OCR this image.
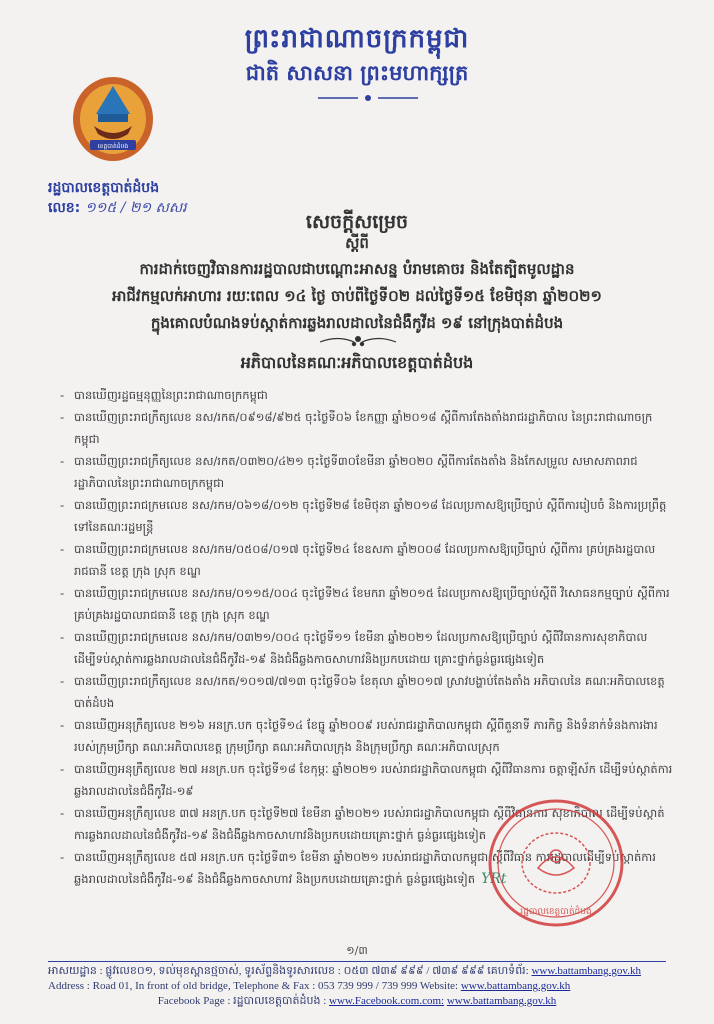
ព្រះរាជាណាចក្រកម្ពុជា
ជាតិ សាសនា ព្រះមហាក្សត្រ
ខេត្តបាត់ដំបង
រដ្ឋបាលខេត្តបាត់ដំបង
លេខ: ១១៥ / ២១ សសរ
សេចក្តីសម្រេច
ស្តីពី
ការដាក់ចេញវិធានការរដ្ឋបាលជាបណ្តោះអាសន្ន បំរាមគោចរ និងតែត្បិតមូលដ្ឋាន
អាជីវកម្មលក់អាហារ រយៈពេល ១៤ ថ្ងៃ ចាប់ពីថ្ងៃទី០២ ដល់ថ្ងៃទី១៥ ខែមិថុនា ឆ្នាំ២០២១
ក្នុងគោលបំណងទប់ស្កាត់ការឆ្លងរាលដាលនៃជំងឺកូវីដ ១៩ នៅក្រុងបាត់ដំបង
អភិបាលនៃគណៈអភិបាលខេត្តបាត់ដំបង
- បានឃើញរដ្ឋធម្មនុញ្ញនៃព្រះរាជាណាចក្រកម្ពុជា
- បានឃើញព្រះរាជក្រឹត្យលេខ នស/រកត/០៩១៨/៩២៥ ចុះថ្ងៃទី០៦ ខែកញ្ញា ឆ្នាំ២០១៨ ស្តីពីការតែងតាំងរាជរដ្ឋាភិបាល នៃព្រះរាជាណាចក្រកម្ពុជា
- បានឃើញព្រះរាជក្រឹត្យលេខ នស/រកត/០៣២០/៤២១ ចុះថ្ងៃទី៣០ខែមីនា ឆ្នាំ២០២០ ស្តីពីការតែងតាំង និងកែសម្រួល សមាសភាពរាជរដ្ឋាភិបាលនៃព្រះរាជាណាចក្រកម្ពុជា
- បានឃើញព្រះរាជក្រមលេខ នស/រកម/០៦១៨/០១២ ចុះថ្ងៃទី២៨ ខែមិថុនា ឆ្នាំ២០១៨ ដែលប្រកាសឱ្យប្រើច្បាប់ ស្តីពីការរៀបចំ និងការប្រព្រឹត្តទៅនៃគណៈរដ្ឋមន្ត្រី
- បានឃើញព្រះរាជក្រមលេខ នស/រកម/០៥០៨/០១៧ ចុះថ្ងៃទី២៤ ខែឧសភា ឆ្នាំ២០០៨ ដែលប្រកាសឱ្យប្រើច្បាប់ ស្តីពីការ គ្រប់គ្រងរដ្ឋបាលរាជធានី ខេត្ត ក្រុង ស្រុក ខណ្ឌ
- បានឃើញព្រះរាជក្រមលេខ នស/រកម/០១១៥/០០៤ ចុះថ្ងៃទី២៤ ខែមករា ឆ្នាំ២០១៥ ដែលប្រកាសឱ្យប្រើច្បាប់ស្តីពី វិសោធនកម្មច្បាប់ ស្តីពីការគ្រប់គ្រងរដ្ឋបាលរាជធានី ខេត្ត ក្រុង ស្រុក ខណ្ឌ
- បានឃើញព្រះរាជក្រមលេខ នស/រកម/០៣២១/០០៤ ចុះថ្ងៃទី១១ ខែមីនា ឆ្នាំ២០២១ ដែលប្រកាសឱ្យប្រើច្បាប់ ស្តីពីវិធានការសុខាភិបាលដើម្បីទប់ស្កាត់ការឆ្លងរាលដាលនៃជំងឺកូវីដ-១៩ និងជំងឺឆ្លងកាចសាហាវនិងប្រកបដោយ គ្រោះថ្នាក់ធ្ងន់ធ្ងរផ្សេងទៀត
- បានឃើញព្រះរាជក្រឹត្យលេខ នស/រកត/១០១៧/៧១៣ ចុះថ្ងៃទី០៦ ខែតុលា ឆ្នាំ២០១៧ ស្រាវបង្ហាប់តែងតាំង អភិបាលនៃ គណៈអភិបាលខេត្តបាត់ដំបង
- បានឃើញអនុក្រឹត្យលេខ ២១៦ អនក្រ.បក ចុះថ្ងៃទី១៤ ខែធ្នូ ឆ្នាំ២០០៩ របស់រាជរដ្ឋាភិបាលកម្ពុជា ស្តីពីតួនាទី ភារកិច្ច និងទំនាក់ទំនងការងាររបស់ក្រុមប្រឹក្សា គណៈអភិបាលខេត្ត ក្រុមប្រឹក្សា គណៈអភិបាលក្រុង និងក្រុមប្រឹក្សា គណៈអភិបាលស្រុក
- បានឃើញអនុក្រឹត្យលេខ ២៧ អនក្រ.បក ចុះថ្ងៃទី១៨ ខែកុម្ភៈ ឆ្នាំ២០២១ របស់រាជរដ្ឋាភិបាលកម្ពុជា ស្តីពីវិធានការ ចត្តាឡីស័ក ដើម្បីទប់ស្កាត់ការឆ្លងរាលដាលនៃជំងឺកូវីដ-១៩
- បានឃើញអនុក្រឹត្យលេខ ៣៧ អនក្រ.បក ចុះថ្ងៃទី២៧ ខែមីនា ឆ្នាំ២០២១ របស់រាជរដ្ឋាភិបាលកម្ពុជា ស្តីពីវិធានការ សុខាភិបាល ដើម្បីទប់ស្កាត់ការឆ្លងរាលដាលនៃជំងឺកូវីដ-១៩ និងជំងឺឆ្លងកាចសាហាវនិងប្រកបដោយគ្រោះថ្នាក់ ធ្ងន់ធ្ងរផ្សេងទៀត
- បានឃើញអនុក្រឹត្យលេខ ៥៧ អនក្រ.បក ចុះថ្ងៃទី៣១ ខែមីនា ឆ្នាំ២០២១ របស់រាជរដ្ឋាភិបាលកម្ពុជា ស្តីពីវិធាន ការរដ្ឋបាលដើម្បីទប់ស្កាត់ការឆ្លងរាលដាលនៃជំងឺកូវីដ-១៩ និងជំងឺឆ្លងកាចសាហាវ និងប្រកបដោយគ្រោះថ្នាក់ ធ្ងន់ធ្ងរផ្សេងទៀត YRt
រដ្ឋបាលខេត្តបាត់ដំបង
១/៣
អាសយដ្ឋាន : ផ្លូវលេខ០១, ទល់មុខស្ពានថ្មចាស់, ទូរស័ព្ទនិងទូរសារលេខ : ០៥៣ ៧៣៩ ៩៩៩ / ៧៣៩ ៩៩៩ គេហទំព័រ: www.battambang.gov.kh
Address : Road 01, In front of old bridge, Telephone & Fax : 053 739 999 / 739 999 Website: www.battambang.gov.kh
Facebook Page : រដ្ឋបាលខេត្តបាត់ដំបង : www.Facebook.com.com: www.battambang.gov.kh
